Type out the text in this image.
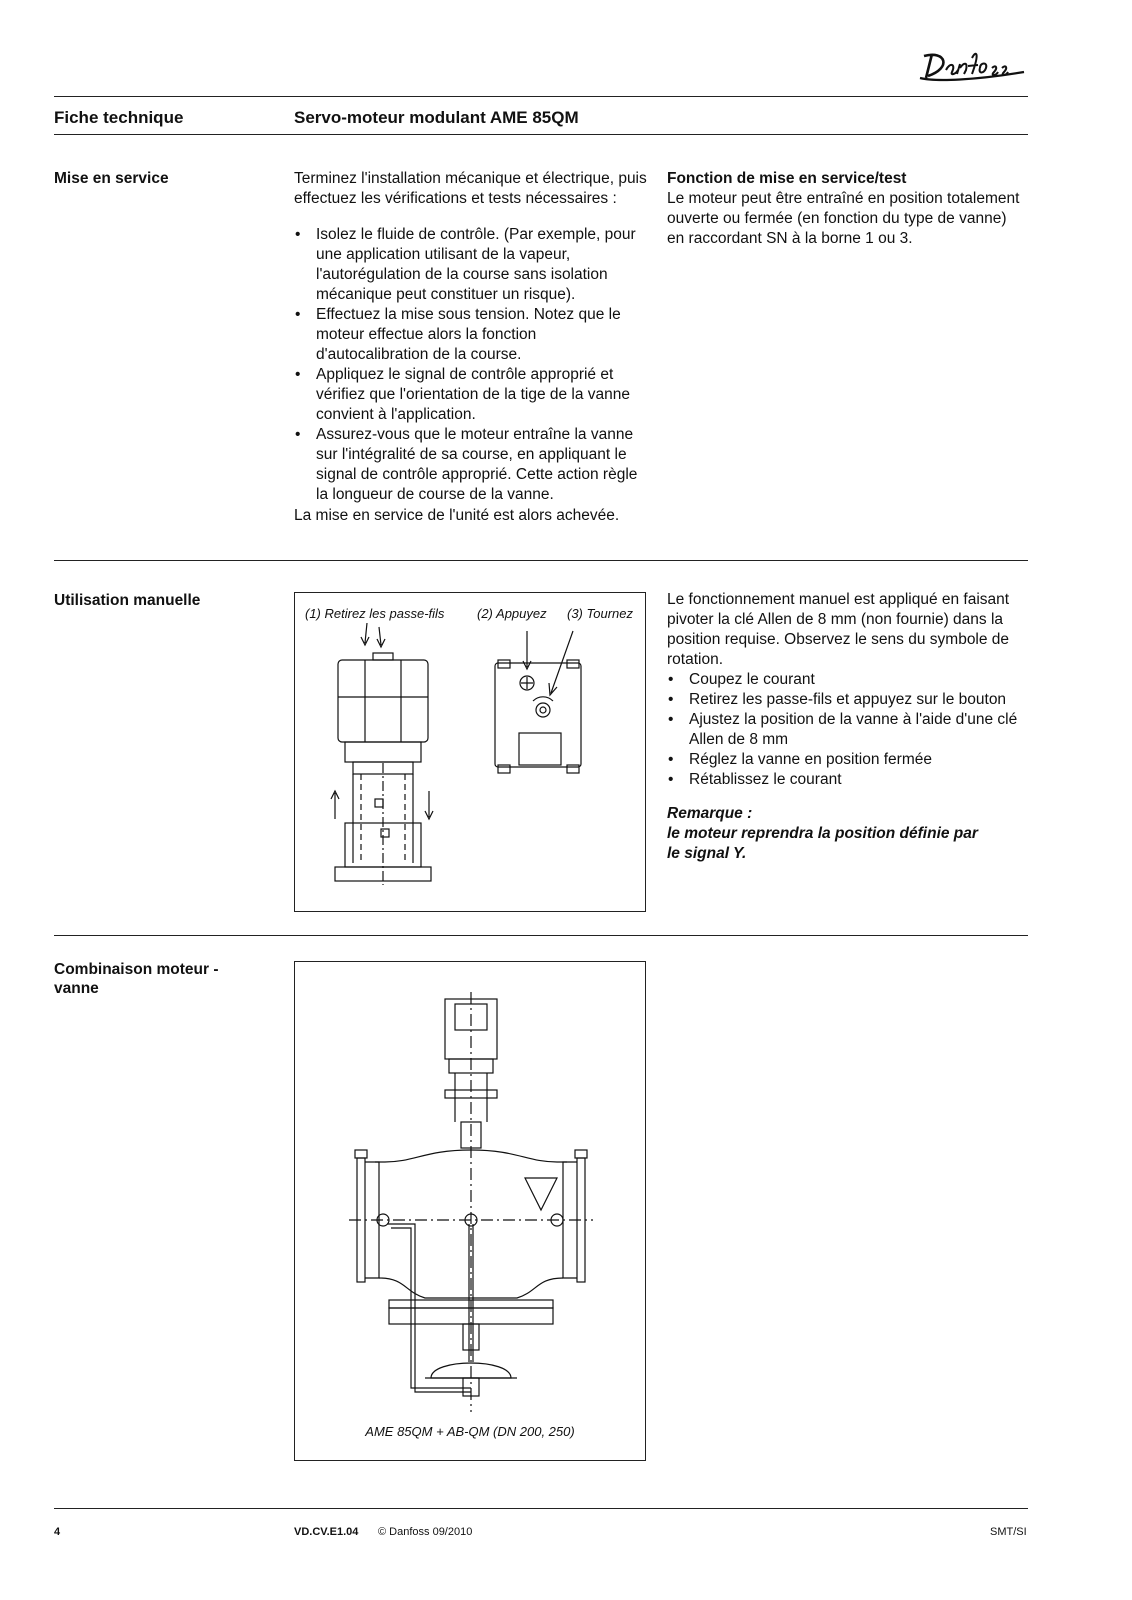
Fiche technique	Servo-moteur modulant AME 85QM
Mise en service	Terminez l'installation mécanique et électrique, puis effectuez les vérifications et tests nécessaires :
• Isolez le fluide de contrôle. (Par exemple, pour une application utilisant de la vapeur, l'autorégulation de la course sans isolation mécanique peut constituer un risque).
• Effectuez la mise sous tension. Notez que le moteur effectue alors la fonction d'autocalibration de la course.
• Appliquez le signal de contrôle approprié et vérifiez que l'orientation de la tige de la vanne convient à l'application.
• Assurez-vous que le moteur entraîne la vanne sur l'intégralité de sa course, en appliquant le signal de contrôle approprié. Cette action règle la longueur de course de la vanne.
La mise en service de l'unité est alors achevée.
Fonction de mise en service/test
Le moteur peut être entraîné en position totalement ouverte ou fermée (en fonction du type de vanne) en raccordant SN à la borne 1 ou 3.
Utilisation manuelle
(1) Retirez les passe-fils	(2) Appuyez (3) Tournez
Le fonctionnement manuel est appliqué en faisant pivoter la clé Allen de 8 mm (non fournie) dans la position requise. Observez le sens du symbole de rotation.
• Coupez le courant
• Retirez les passe-fils et appuyez sur le bouton
• Ajustez la position de la vanne à l'aide d'une clé Allen de 8 mm
• Réglez la vanne en position fermée
• Rétablissez le courant
Remarque :
le moteur reprendra la position définie par le signal Y.
Combinaison moteur - vanne
AME 85QM + AB-QM (DN 200, 250)
4	VD.CV.E1.04 © Danfoss 09/2010	SMT/SI
